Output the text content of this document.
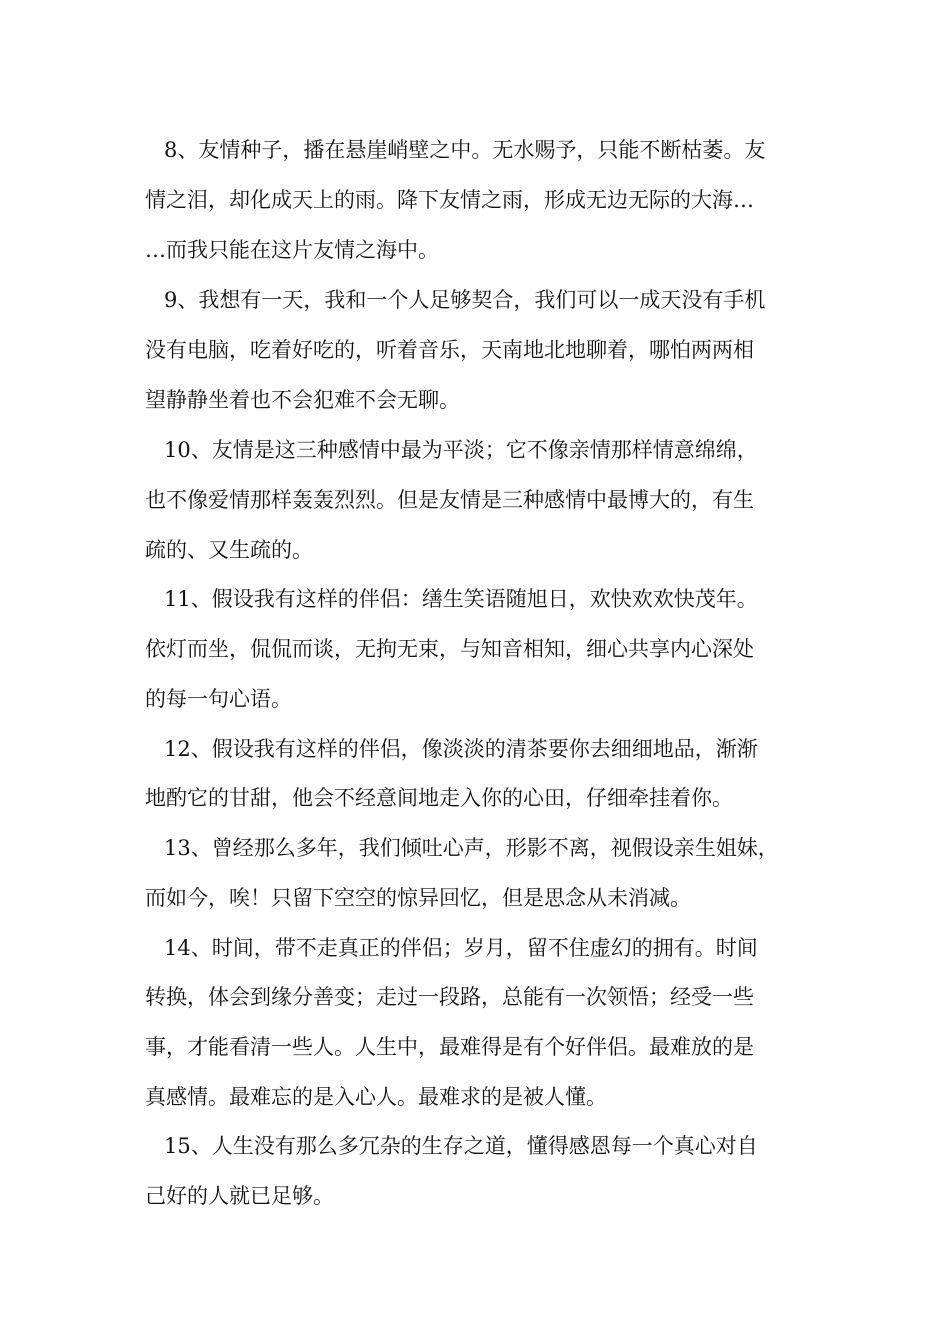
8、友情种子，播在悬崖峭壁之中。无水赐予，只能不断枯萎。友
情之泪，却化成天上的雨。降下友情之雨，形成无边无际的大海…
…而我只能在这片友情之海中。
9、我想有一天，我和一个人足够契合，我们可以一成天没有手机
没有电脑，吃着好吃的，听着音乐，天南地北地聊着，哪怕两两相
望静静坐着也不会犯难不会无聊。
10、友情是这三种感情中最为平淡；它不像亲情那样情意绵绵，
也不像爱情那样轰轰烈烈。但是友情是三种感情中最博大的，有生
疏的、又生疏的。
11、假设我有这样的伴侣：缮生笑语随旭日，欢快欢欢快茂年。
依灯而坐，侃侃而谈，无拘无束，与知音相知，细心共享内心深处
的每一句心语。
12、假设我有这样的伴侣，像淡淡的清茶要你去细细地品，渐渐
地酌它的甘甜，他会不经意间地走入你的心田，仔细牵挂着你。
13、曾经那么多年，我们倾吐心声，形影不离，视假设亲生姐妹，
而如今，唉！只留下空空的惊异回忆，但是思念从未消减。
14、时间，带不走真正的伴侣；岁月，留不住虚幻的拥有。时间
转换，体会到缘分善变；走过一段路，总能有一次领悟；经受一些
事，才能看清一些人。人生中，最难得是有个好伴侣。最难放的是
真感情。最难忘的是入心人。最难求的是被人懂。
15、人生没有那么多冗杂的生存之道，懂得感恩每一个真心对自
己好的人就已足够。
